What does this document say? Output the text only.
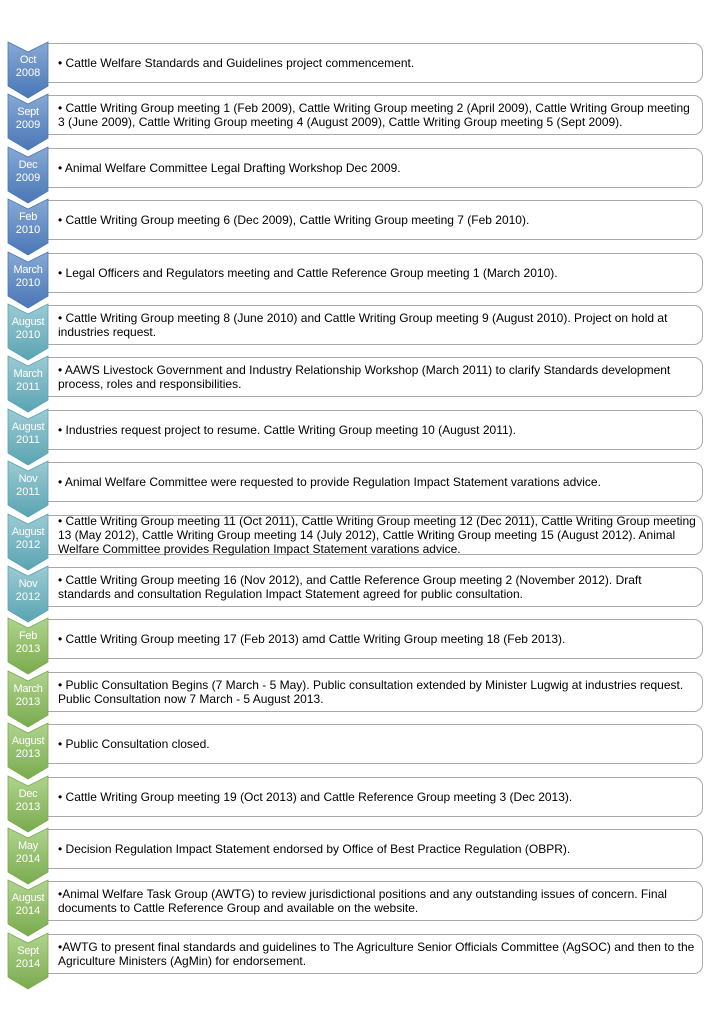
• Cattle Welfare Standards and Guidelines project commencement.
Oct
2008
• Cattle Writing Group meeting 1 (Feb 2009), Cattle Writing Group meeting 2 (April 2009), Cattle Writing Group meeting 3 (June 2009), Cattle Writing Group meeting 4 (August 2009), Cattle Writing Group meeting 5 (Sept 2009).
Sept
2009
• Animal Welfare Committee Legal Drafting Workshop Dec 2009.
Dec
2009
• Cattle Writing Group meeting 6 (Dec 2009), Cattle Writing Group meeting 7 (Feb 2010).
Feb
2010
• Legal Officers and Regulators meeting and Cattle Reference Group meeting 1 (March 2010).
March
2010
• Cattle Writing Group meeting 8 (June 2010) and Cattle Writing Group meeting 9 (August 2010). Project on hold at industries request.
August
2010
• AAWS Livestock Government and Industry Relationship Workshop (March 2011) to clarify Standards development process, roles and responsibilities.
March
2011
• Industries request project to resume. Cattle Writing Group meeting 10 (August 2011).
August
2011
• Animal Welfare Committee were requested to provide Regulation Impact Statement varations advice.
Nov
2011
• Cattle Writing Group meeting 11 (Oct 2011), Cattle Writing Group meeting 12 (Dec 2011), Cattle Writing Group meeting 13 (May 2012), Cattle Writing Group meeting 14 (July 2012), Cattle Writing Group meeting 15 (August 2012). Animal Welfare Committee provides Regulation Impact Statement varations advice.
August
2012
• Cattle Writing Group meeting 16 (Nov 2012), and Cattle Reference Group meeting 2 (November 2012). Draft standards and consultation Regulation Impact Statement agreed for public consultation.
Nov
2012
• Cattle Writing Group meeting 17 (Feb 2013) amd Cattle Writing Group meeting 18 (Feb 2013).
Feb
2013
• Public Consultation Begins (7 March - 5 May). Public consultation extended by Minister Lugwig at industries request. Public Consultation now 7 March - 5 August 2013.
March
2013
• Public Consultation closed.
August
2013
• Cattle Writing Group meeting 19 (Oct 2013) and Cattle Reference Group meeting 3 (Dec 2013).
Dec
2013
• Decision Regulation Impact Statement endorsed by Office of Best Practice Regulation (OBPR).
May
2014
•Animal Welfare Task Group (AWTG) to review jurisdictional positions and any outstanding issues of concern. Final documents to Cattle Reference Group and available on the website.
August
2014
•AWTG to present final standards and guidelines to The Agriculture Senior Officials Committee (AgSOC) and then to the Agriculture Ministers (AgMin) for endorsement.
Sept
2014
